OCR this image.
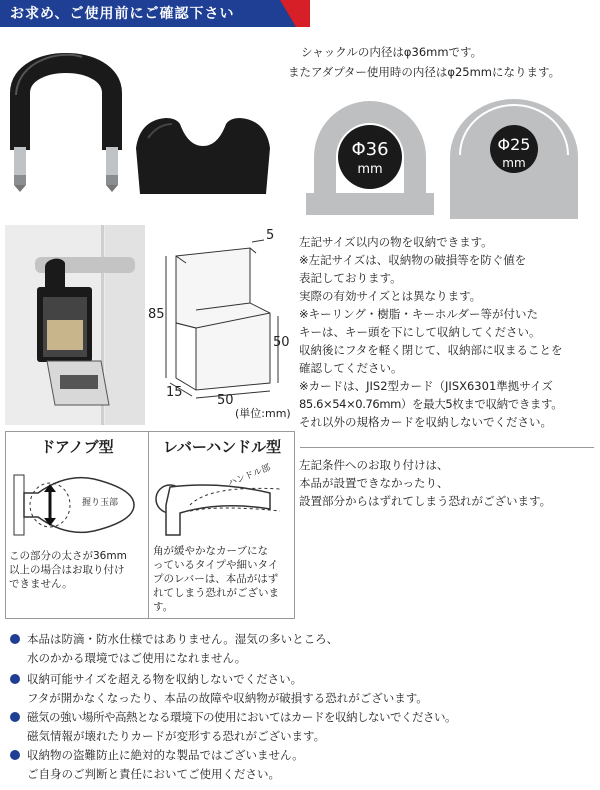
お求め、ご使用前にご確認下さい
シャックルの内径はφ36mmです。
またアダプター使用時の内径はφ25mmになります。
Φ36
mm
Φ25
mm
85
50
50
15
5
(単位:mm)
左記サイズ以内の物を収納できます。
※左記サイズは、収納物の破損等を防ぐ値を
表記しております。
実際の有効サイズとは異なります。
※キーリング・樹脂・キーホルダー等が付いた
キーは、キー頭を下にして収納してください。
収納後にフタを軽く閉じて、収納部に収まることを
確認してください。
※カードは、JIS2型カード（JISX6301準拠サイズ
85.6×54×0.76mm）を最大5枚まで収納できます。
それ以外の規格カードを収納しないでください。
左記条件へのお取り付けは、
本品が設置できなかったり、
設置部分からはずれてしまう恐れがございます。
ドアノブ型
握り玉部
この部分の太さが36mm
以上の場合はお取り付け
できません。
レバーハンドル型
ハンドル部
角が緩やかなカーブにな
っているタイプや細いタイ
プのレバーは、本品がはず
れてしまう恐れがございま
す。
本品は防滴・防水仕様ではありません。湿気の多いところ、
水のかかる環境ではご使用になれません。
収納可能サイズを超える物を収納しないでください。
フタが開かなくなったり、本品の故障や収納物が破損する恐れがございます。
磁気の強い場所や高熱となる環境下の使用においてはカードを収納しないでください。
磁気情報が壊れたりカードが変形する恐れがございます。
収納物の盗難防止に絶対的な製品ではございません。
ご自身のご判断と責任においてご使用ください。
